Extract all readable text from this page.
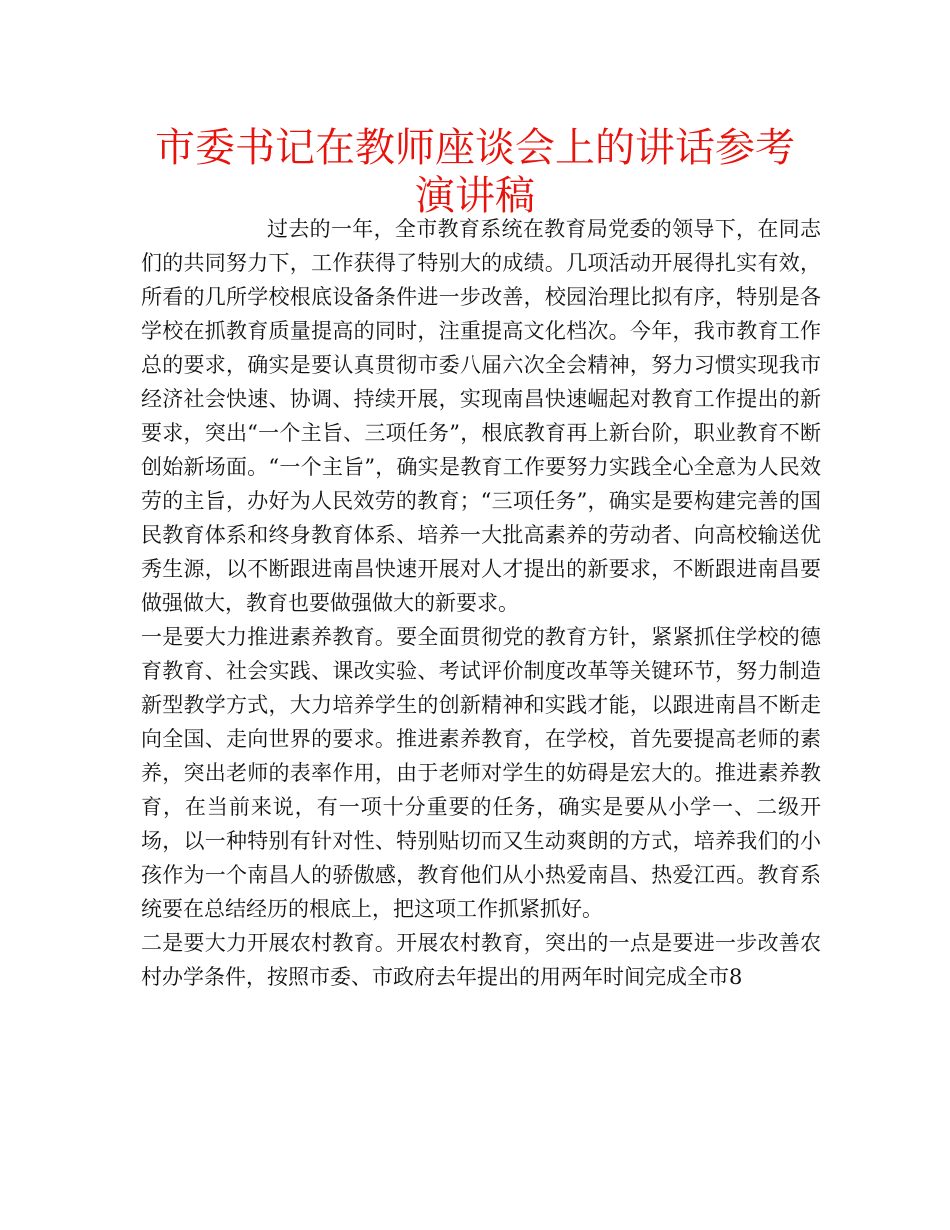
市委书记在教师座谈会上的讲话参考演讲稿

过去的一年，全市教育系统在教育局党委的领导下，在同志们的共同努力下，工作获得了特别大的成绩。几项活动开展得扎实有效，所看的几所学校根底设备条件进一步改善，校园治理比拟有序，特别是各学校在抓教育质量提高的同时，注重提高文化档次。今年，我市教育工作总的要求，确实是要认真贯彻市委八届六次全会精神，努力习惯实现我市经济社会快速、协调、持续开展，实现南昌快速崛起对教育工作提出的新要求，突出“一个主旨、三项任务”，根底教育再上新台阶，职业教育不断创始新场面。“一个主旨”，确实是教育工作要努力实践全心全意为人民效劳的主旨，办好为人民效劳的教育；“三项任务”，确实是要构建完善的国民教育体系和终身教育体系、培养一大批高素养的劳动者、向高校输送优秀生源，以不断跟进南昌快速开展对人才提出的新要求，不断跟进南昌要做强做大，教育也要做强做大的新要求。

一是要大力推进素养教育。要全面贯彻党的教育方针，紧紧抓住学校的德育教育、社会实践、课改实验、考试评价制度改革等关键环节，努力制造新型教学方式，大力培养学生的创新精神和实践才能，以跟进南昌不断走向全国、走向世界的要求。推进素养教育，在学校，首先要提高老师的素养，突出老师的表率作用，由于老师对学生的妨碍是宏大的。推进素养教育，在当前来说，有一项十分重要的任务，确实是要从小学一、二级开场，以一种特别有针对性、特别贴切而又生动爽朗的方式，培养我们的小孩作为一个南昌人的骄傲感，教育他们从小热爱南昌、热爱江西。教育系统要在总结经历的根底上，把这项工作抓紧抓好。

二是要大力开展农村教育。开展农村教育，突出的一点是要进一步改善农村办学条件，按照市委、市政府去年提出的用两年时间完成全市8
